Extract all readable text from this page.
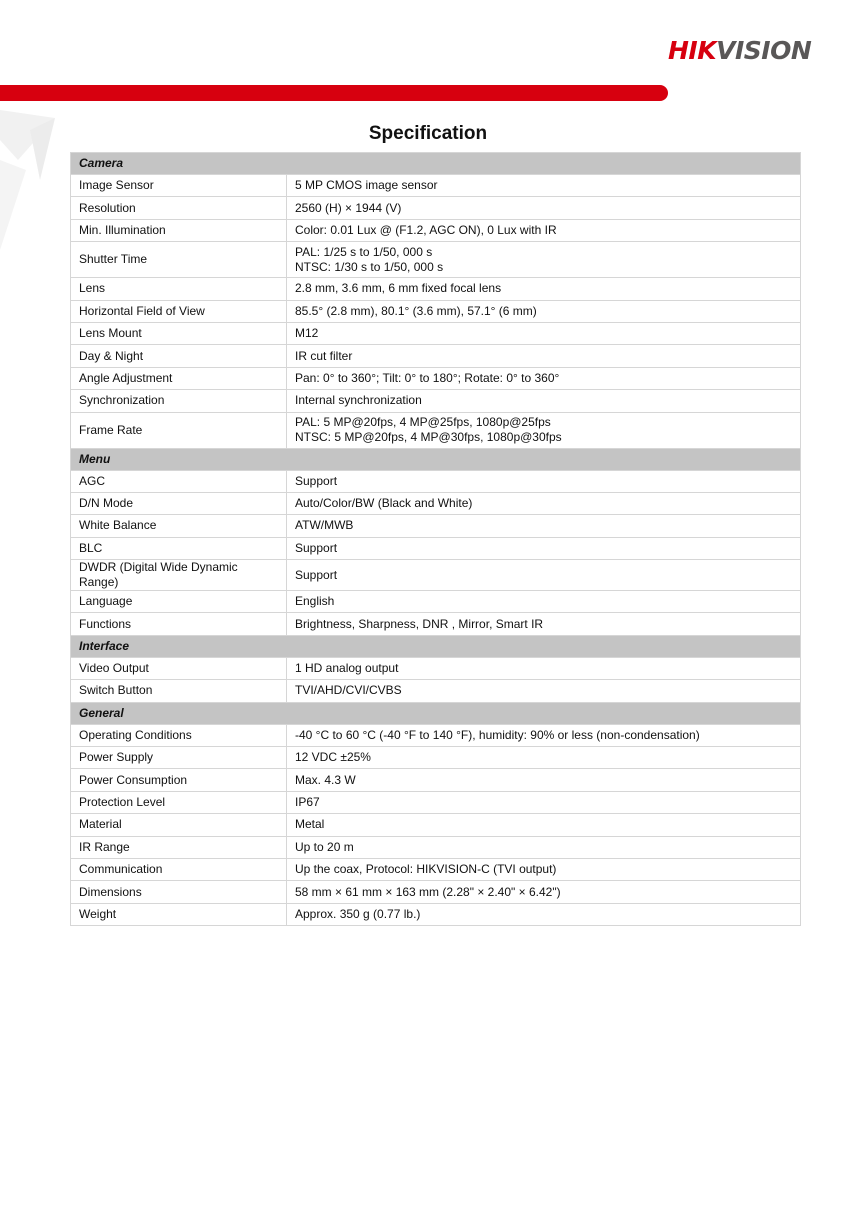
HIKVISION
Specification
Camera	
Image Sensor	5 MP CMOS image sensor

Resolution	2560 (H) × 1944 (V)

Min. Illumination	Color: 0.01 Lux @ (F1.2, AGC ON), 0 Lux with IR

Shutter Time	PAL: 1/25 s to 1/50, 000 s
NTSC: 1/30 s to 1/50, 000 s

Lens	2.8 mm, 3.6 mm, 6 mm fixed focal lens

Horizontal Field of View	85.5° (2.8 mm), 80.1° (3.6 mm), 57.1° (6 mm)

Lens Mount	M12

Day & Night	IR cut filter

Angle Adjustment	Pan: 0° to 360°; Tilt: 0° to 180°; Rotate: 0° to 360°

Synchronization	Internal synchronization

Frame Rate	PAL: 5 MP@20fps, 4 MP@25fps, 1080p@25fps
NTSC: 5 MP@20fps, 4 MP@30fps, 1080p@30fps

Menu	
AGC	Support

D/N Mode	Auto/Color/BW (Black and White)

White Balance	ATW/MWB

BLC	Support

DWDR (Digital Wide Dynamic Range)	Support

Language	English

Functions	Brightness, Sharpness, DNR , Mirror, Smart IR

Interface	
Video Output	1 HD analog output

Switch Button	TVI/AHD/CVI/CVBS

General	
Operating Conditions	-40 °C to 60 °C (-40 °F to 140 °F), humidity: 90% or less (non-condensation)

Power Supply	12 VDC ±25%

Power Consumption	Max. 4.3 W

Protection Level	IP67

Material	Metal

IR Range	Up to 20 m

Communication	Up the coax, Protocol: HIKVISION-C (TVI output)

Dimensions	58 mm × 61 mm × 163 mm (2.28" × 2.40" × 6.42")

Weight	Approx. 350 g (0.77 lb.)
